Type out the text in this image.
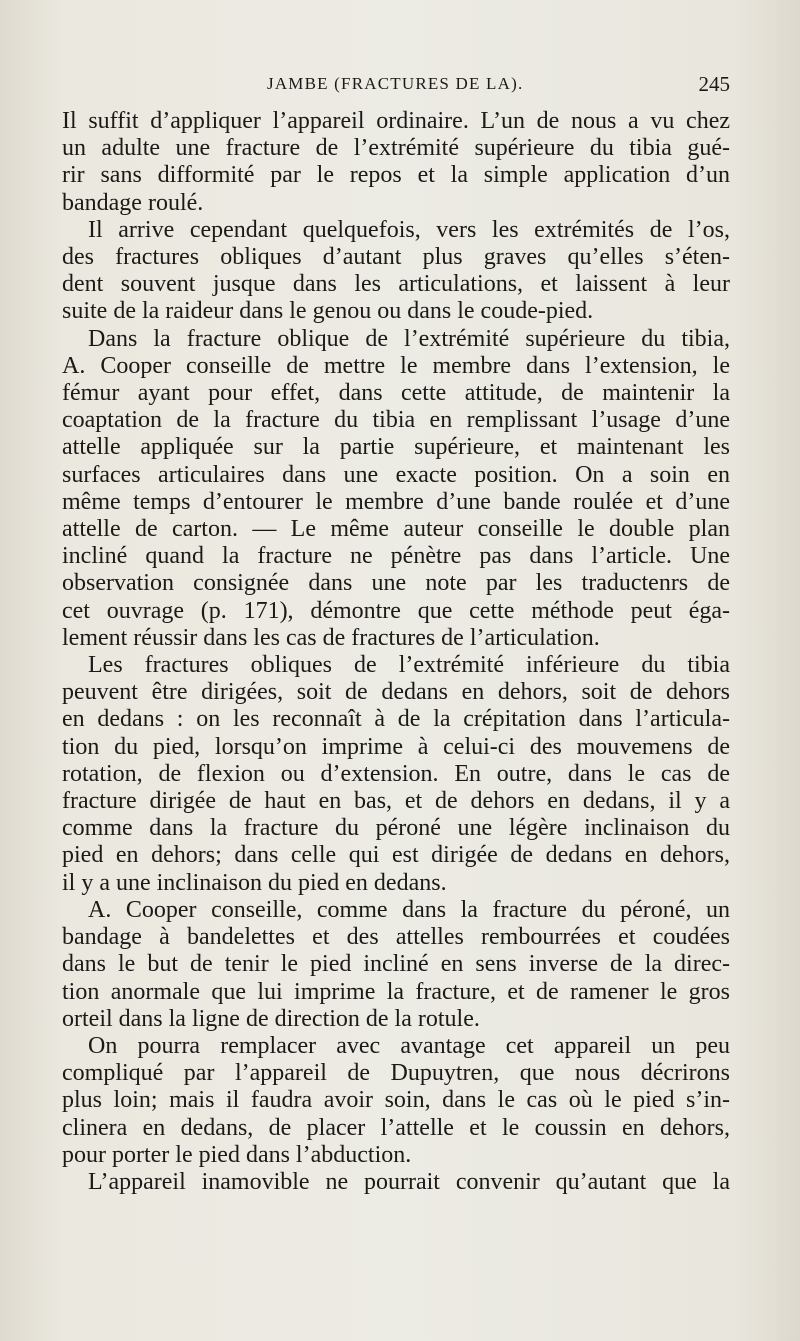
JAMBE (FRACTURES DE LA).	245

Il suffit d’appliquer l’appareil ordinaire. L’un de nous a vu chez

un adulte une fracture de l’extrémité supérieure du tibia gué-

rir sans difformité par le repos et la simple application d’un

bandage roulé.

Il arrive cependant quelquefois, vers les extrémités de l’os,

des fractures obliques d’autant plus graves qu’elles s’éten-

dent souvent jusque dans les articulations, et laissent à leur

suite de la raideur dans le genou ou dans le coude-pied.

Dans la fracture oblique de l’extrémité supérieure du tibia,

A. Cooper conseille de mettre le membre dans l’extension, le

fémur ayant pour effet, dans cette attitude, de maintenir la

coaptation de la fracture du tibia en remplissant l’usage d’une

attelle appliquée sur la partie supérieure, et maintenant les

surfaces articulaires dans une exacte position. On a soin en

même temps d’entourer le membre d’une bande roulée et d’une

attelle de carton. — Le même auteur conseille le double plan

incliné quand la fracture ne pénètre pas dans l’article. Une

observation consignée dans une note par les traductenrs de

cet ouvrage (p. 171), démontre que cette méthode peut éga-

lement réussir dans les cas de fractures de l’articulation.

Les fractures obliques de l’extrémité inférieure du tibia

peuvent être dirigées, soit de dedans en dehors, soit de dehors

en dedans : on les reconnaît à de la crépitation dans l’articula-

tion du pied, lorsqu’on imprime à celui-ci des mouvemens de

rotation, de flexion ou d’extension. En outre, dans le cas de

fracture dirigée de haut en bas, et de dehors en dedans, il y a

comme dans la fracture du péroné une légère inclinaison du

pied en dehors; dans celle qui est dirigée de dedans en dehors,

il y a une inclinaison du pied en dedans.

A. Cooper conseille, comme dans la fracture du péroné, un

bandage à bandelettes et des attelles rembourrées et coudées

dans le but de tenir le pied incliné en sens inverse de la direc-

tion anormale que lui imprime la fracture, et de ramener le gros

orteil dans la ligne de direction de la rotule.

On pourra remplacer avec avantage cet appareil un peu

compliqué par l’appareil de Dupuytren, que nous décrirons

plus loin; mais il faudra avoir soin, dans le cas où le pied s’in-

clinera en dedans, de placer l’attelle et le coussin en dehors,

pour porter le pied dans l’abduction.

L’appareil inamovible ne pourrait convenir qu’autant que la
